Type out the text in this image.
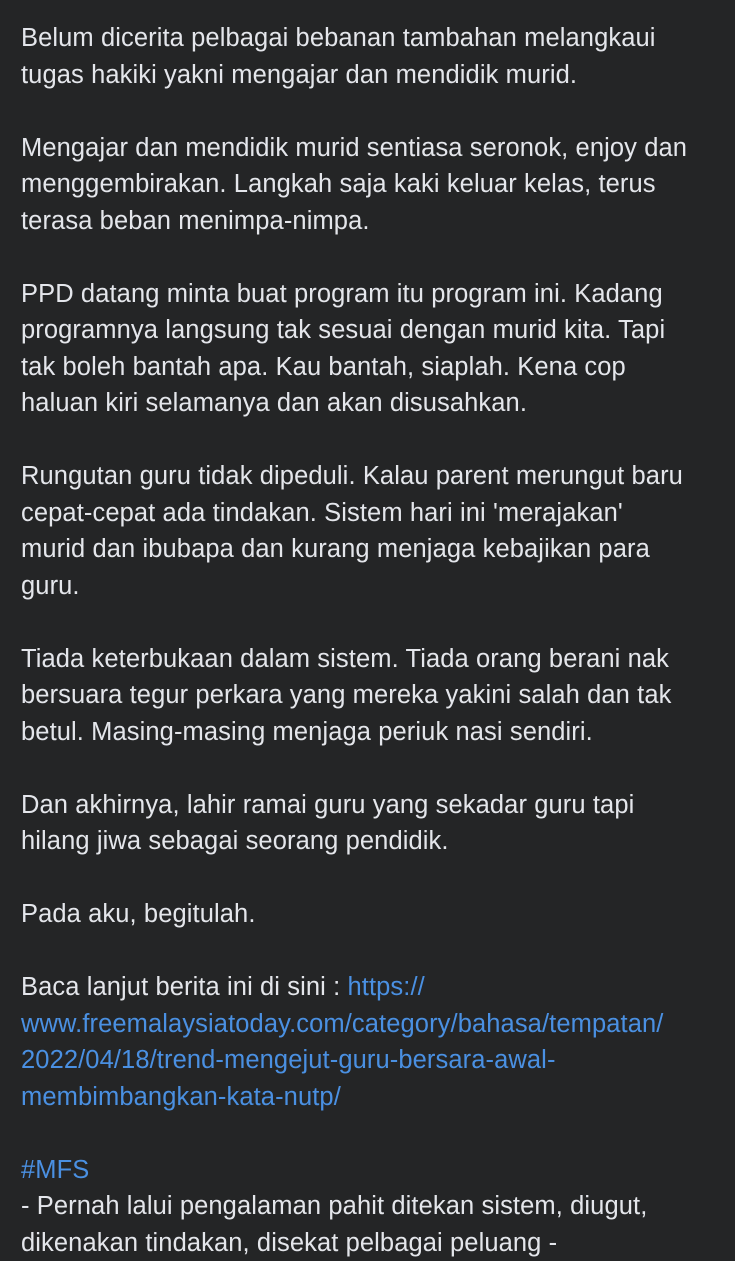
Belum dicerita pelbagai bebanan tambahan melangkaui
tugas hakiki yakni mengajar dan mendidik murid.
Mengajar dan mendidik murid sentiasa seronok, enjoy dan
menggembirakan. Langkah saja kaki keluar kelas, terus
terasa beban menimpa-nimpa.
PPD datang minta buat program itu program ini. Kadang
programnya langsung tak sesuai dengan murid kita. Tapi
tak boleh bantah apa. Kau bantah, siaplah. Kena cop
haluan kiri selamanya dan akan disusahkan.
Rungutan guru tidak dipeduli. Kalau parent merungut baru
cepat-cepat ada tindakan. Sistem hari ini 'merajakan'
murid dan ibubapa dan kurang menjaga kebajikan para
guru.
Tiada keterbukaan dalam sistem. Tiada orang berani nak
bersuara tegur perkara yang mereka yakini salah dan tak
betul. Masing-masing menjaga periuk nasi sendiri.
Dan akhirnya, lahir ramai guru yang sekadar guru tapi
hilang jiwa sebagai seorang pendidik.
Pada aku, begitulah.
Baca lanjut berita ini di sini : https://
www.freemalaysiatoday.com/category/bahasa/tempatan/
2022/04/18/trend-mengejut-guru-bersara-awal-
membimbangkan-kata-nutp/
#MFS
- Pernah lalui pengalaman pahit ditekan sistem, diugut,
dikenakan tindakan, disekat pelbagai peluang -
